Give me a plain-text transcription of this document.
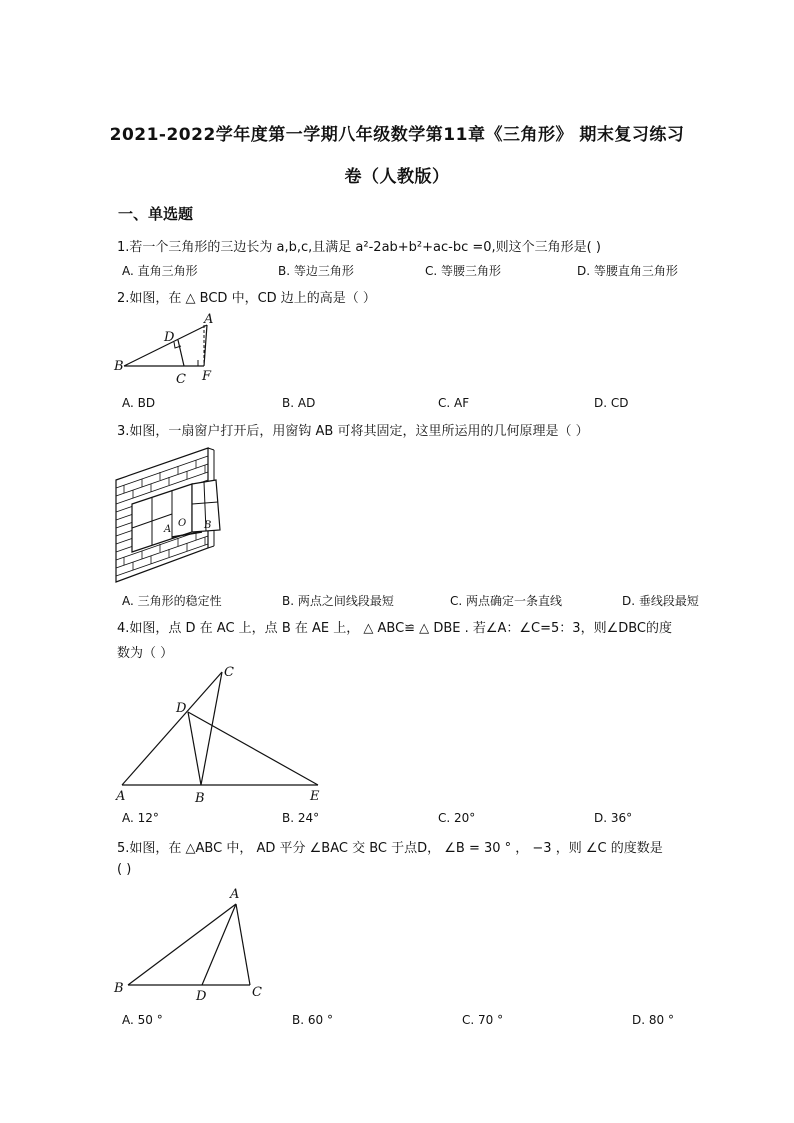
2021-2022学年度第一学期八年级数学第11章《三角形》 期末复习练习
卷（人教版）
一、单选题
1.若一个三角形的三边长为 a,b,c,且满足 a²-2ab+b²+ac-bc =0,则这个三角形是( )
A. 直角三角形	B. 等边三角形	C. 等腰三角形	D. 等腰直角三角形
2.如图，在 △ BCD 中，CD 边上的高是（ ）
A
D
B
C F
A. BD	B. AD	C. AF	D. CD
3.如图，一扇窗户打开后，用窗钩 AB 可将其固定，这里所运用的几何原理是（ ）
O
A	B
A. 三角形的稳定性	B. 两点之间线段最短	C. 两点确定一条直线	D. 垂线段最短
4.如图，点 D 在 AC 上，点 B 在 AE 上， △ ABC≌ △ DBE . 若∠A：∠C=5：3，则∠DBC的度
数为（ ）
C
D
A	B	E
A. 12°	B. 24°	C. 20°	D. 36°
5.如图，在 △ABC 中， AD 平分 ∠BAC 交 BC 于点D， ∠B = 30 ° ， −3 ，则 ∠C 的度数是
( )
A
B
D	C
A. 50 °	B. 60 °	C. 70 °	D. 80 °
